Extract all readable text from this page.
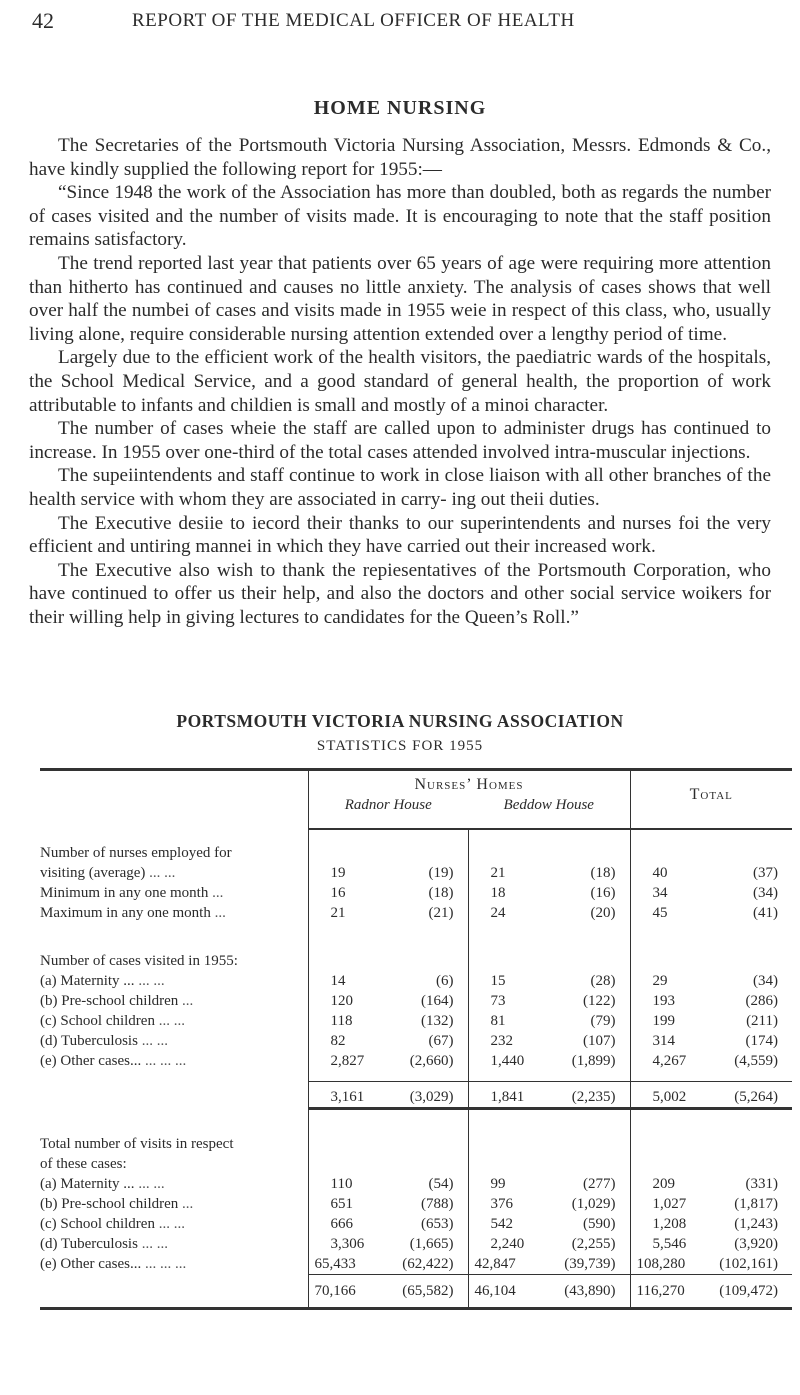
42	REPORT OF THE MEDICAL OFFICER OF HEALTH
HOME NURSING

The Secretaries of the Portsmouth Victoria Nursing Association, Messrs. Edmonds & Co., have kindly supplied the following report for 1955:—

“Since 1948 the work of the Association has more than doubled, both as regards the number of cases visited and the number of visits made. It is encouraging to note that the staff position remains satisfactory.

The trend reported last year that patients over 65 years of age were requiring more attention than hitherto has continued and causes no little anxiety. The analysis of cases shows that well over half the numbei of cases and visits made in 1955 weie in respect of this class, who, usually living alone, require considerable nursing attention extended over a lengthy period of time.

Largely due to the efficient work of the health visitors, the paediatric wards of the hospitals, the School Medical Service, and a good standard of general health, the proportion of work attributable to infants and childien is small and mostly of a minoi character.

The number of cases wheie the staff are called upon to administer drugs has continued to increase. In 1955 over one-third of the total cases attended involved intra-muscular injections.

The supeiintendents and staff continue to work in close liaison with all other branches of the health service with whom they are associated in carry- ing out theii duties.

The Executive desiie to iecord their thanks to our superintendents and nurses foi the very efficient and untiring mannei in which they have carried out their increased work.

The Executive also wish to thank the repiesentatives of the Portsmouth Corporation, who have continued to offer us their help, and also the doctors and other social service woikers for their willing help in giving lectures to candidates for the Queen’s Roll.”

PORTSMOUTH VICTORIA NURSING ASSOCIATION
STATISTICS FOR 1955

	Nurses’ Homes
Radnor House Beddow House		Total

Number of nurses employed for			
visiting (average) ... ...	19 (19)	21 (18)	40 (37)

Minimum in any one month ...	16 (18)	18 (16)	34 (34)

Maximum in any one month ...	21 (21)	24 (20)	45 (41)

Number of cases visited in 1955:			
(a) Maternity ... ... ...	14 (6)	15 (28)	29 (34)

(b) Pre-school children ...	120 (164)	73 (122)	193 (286)

(c) School children ... ...	118 (132)	81 (79)	199 (211)

(d) Tuberculosis ... ...	82 (67)	232 (107)	314 (174)

(e) Other cases... ... ... ...	2,827 (2,660)	1,440 (1,899)	4,267 (4,559)

	3,161 (3,029)	1,841 (2,235)	5,002 (5,264)

Total number of visits in respect			
of these cases:			
(a) Maternity ... ... ...	110 (54)	99 (277)	209 (331)

(b) Pre-school children ...	651 (788)	376 (1,029)	1,027 (1,817)

(c) School children ... ...	666 (653)	542 (590)	1,208 (1,243)

(d) Tuberculosis ... ...	3,306 (1,665)	2,240 (2,255)	5,546 (3,920)

(e) Other cases... ... ... ...	65,433 (62,422)	42,847 (39,739)	108,280 (102,161)

	70,166 (65,582)	46,104 (43,890)	116,270 (109,472)
